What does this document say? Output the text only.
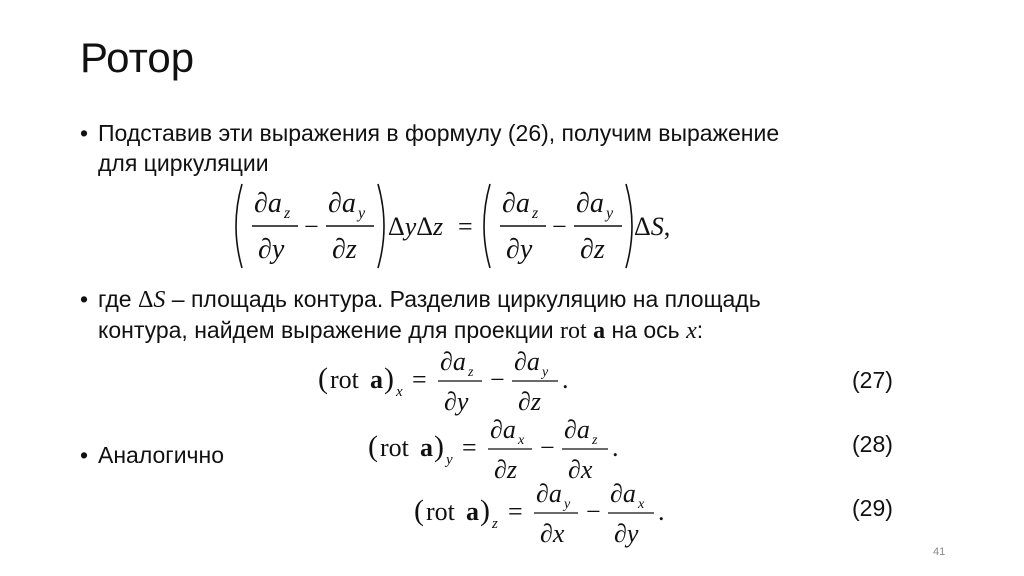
Ротор
• Подставив эти выражения в формулу (26), получим выражение
для циркуляции
∂a z
∂y
−
∂a y
∂z
ΔyΔz =
∂a z
∂y
−
∂a y
∂z
ΔS,
• где ΔS – площадь контура. Разделив циркуляцию на площадь
контура, найдем выражение для проекции rot a на ось x:
( rot a ) x =
∂a z
∂y
−
∂a y
∂z
.	(27)
• Аналогично	( rot a ) y =
∂a x
∂z
−
∂a z
∂x
.	(28)
( rot a ) z =
∂a y
∂x
−
∂a x
∂y
.	(29)
41
